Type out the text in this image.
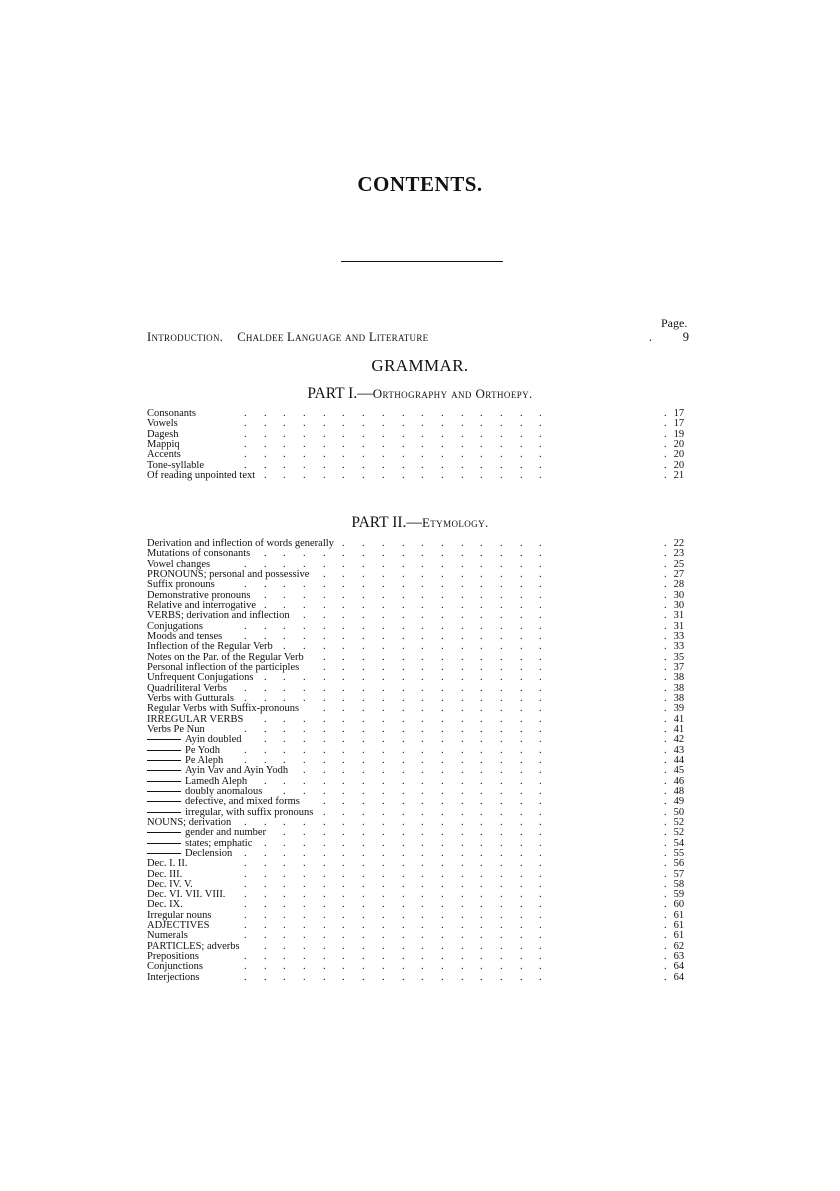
CONTENTS.
Page.
Introduction. Chaldee Language and Literature	. 9
GRAMMAR.
PART I.—Orthography and Orthoepy.
Consonants	. . . . . . . . . . . . . . . .	. 17
Vowels	. . . . . . . . . . . . . . . .	. 17
Dagesh	. . . . . . . . . . . . . . . .	. 19
Mappiq	. . . . . . . . . . . . . . . .	. 20
Accents	. . . . . . . . . . . . . . . .	. 20
Tone-syllable	. . . . . . . . . . . . . . . .	. 20
Of reading unpointed text . . . . . . . . . . . . . . .	. 21
PART II.—Etymology.
Derivation and inflection of words generally . . . . . . . . . . .	. 22
Mutations of consonants . . . . . . . . . . . . . . .	. 23
Vowel changes	. . . . . . . . . . . . . . . .	. 25
PRONOUNS; personal and possessive . . . . . . . . . . . .	. 27
Suffix pronouns	. . . . . . . . . . . . . . . .	. 28
Demonstrative pronouns . . . . . . . . . . . . . . .	. 30
Relative and interrogative . . . . . . . . . . . . . . .	. 30
VERBS; derivation and inflection . . . . . . . . . . . . .	. 31
Conjugations	. . . . . . . . . . . . . . . .	. 31
Moods and tenses . . . . . . . . . . . . . . . .	. 33
Inflection of the Regular Verb . . . . . . . . . . . . . .	. 33
Notes on the Par. of the Regular Verb . . . . . . . . . . . .	. 35
Personal inflection of the participles . . . . . . . . . . . .	. 37
Unfrequent Conjugations . . . . . . . . . . . . . . .	. 38
Quadriliteral Verbs . . . . . . . . . . . . . . . .	. 38
Verbs with Gutturals . . . . . . . . . . . . . . . .	. 38
Regular Verbs with Suffix-pronouns . . . . . . . . . . . .	. 39
IRREGULAR VERBS . . . . . . . . . . . . . . .	. 41
Verbs Pe Nun	. . . . . . . . . . . . . . . .	. 41
Ayin doubled . . . . . . . . . . . . . . .	. 42
Pe Yodh . . . . . . . . . . . . . . . .	. 43
Pe Aleph . . . . . . . . . . . . . . . .	. 44
Ayin Vav and Ayin Yodh . . . . . . . . . . . . .	. 45
Lamedh Aleph . . . . . . . . . . . . . . .	. 46
doubly anomalous . . . . . . . . . . . . . .	. 48
defective, and mixed forms . . . . . . . . . . . .	. 49
irregular, with suffix pronouns . . . . . . . . . . . .	. 50
NOUNS; derivation . . . . . . . . . . . . . . . .	. 52
gender and number . . . . . . . . . . . . . .	. 52
states; emphatic . . . . . . . . . . . . . . .	. 54
Declension . . . . . . . . . . . . . . . .	. 55
Dec. I. II.	. . . . . . . . . . . . . . . .	. 56
Dec. III.	. . . . . . . . . . . . . . . .	. 57
Dec. IV. V.	. . . . . . . . . . . . . . . .	. 58
Dec. VI. VII. VIII. . . . . . . . . . . . . . . . .	. 59
Dec. IX.	. . . . . . . . . . . . . . . .	. 60
Irregular nouns	. . . . . . . . . . . . . . . .	. 61
ADJECTIVES	. . . . . . . . . . . . . . . .	. 61
Numerals	. . . . . . . . . . . . . . . .	. 61
PARTICLES; adverbs . . . . . . . . . . . . . . .	. 62
Prepositions	. . . . . . . . . . . . . . . .	. 63
Conjunctions	. . . . . . . . . . . . . . . .	. 64
Interjections	. . . . . . . . . . . . . . . .	. 64
